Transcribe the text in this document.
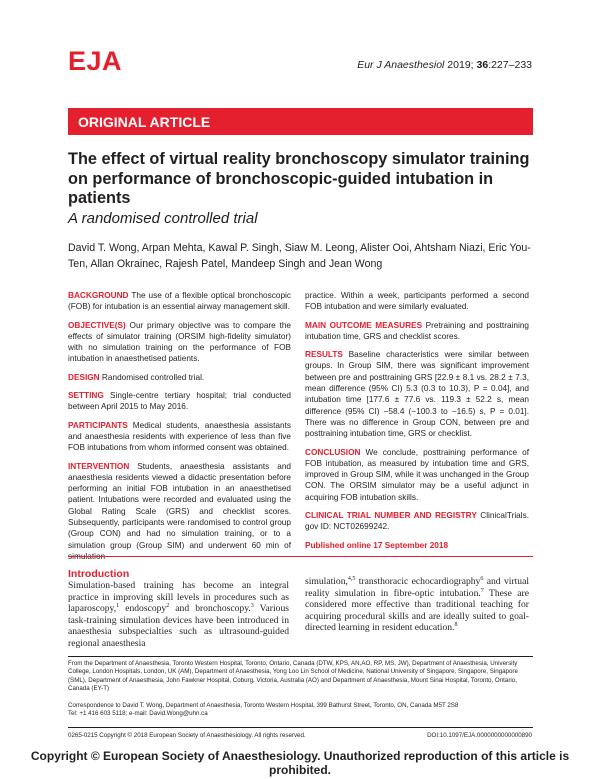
EJA	Eur J Anaesthesiol 2019; 36:227–233
ORIGINAL ARTICLE
The effect of virtual reality bronchoscopy simulator training on performance of bronchoscopic-guided intubation in patients
A randomised controlled trial
David T. Wong, Arpan Mehta, Kawal P. Singh, Siaw M. Leong, Alister Ooi, Ahtsham Niazi, Eric You-Ten, Allan Okrainec, Rajesh Patel, Mandeep Singh and Jean Wong

BACKGROUND The use of a flexible optical bronchoscopic (FOB) for intubation is an essential airway management skill.

OBJECTIVE(S) Our primary objective was to compare the effects of simulator training (ORSIM high-fidelity simulator) with no simulation training on the performance of FOB intubation in anaesthetised patients.

DESIGN Randomised controlled trial.

SETTING Single-centre tertiary hospital; trial conducted between April 2015 to May 2016.

PARTICIPANTS Medical students, anaesthesia assistants and anaesthesia residents with experience of less than five FOB intubations from whom informed consent was obtained.

INTERVENTION Students, anaesthesia assistants and anaesthesia residents viewed a didactic presentation before performing an initial FOB intubation in an anaesthetised patient. Intubations were recorded and evaluated using the Global Rating Scale (GRS) and checklist scores. Subsequently, participants were randomised to control group (Group CON) and had no simulation training, or to a simulation group (Group SIM) and underwent 60 min of

practice. Within a week, participants performed a second FOB intubation and were similarly evaluated.

MAIN OUTCOME MEASURES Pretraining and posttraining intubation time, GRS and checklist scores.

RESULTS Baseline characteristics were similar between groups. In Group SIM, there was significant improvement between pre and posttraining GRS [22.9 ± 8.1 vs. 28.2 ± 7.3, mean difference (95% CI) 5.3 (0.3 to 10.3), P = 0.04], and intubation time [177.6 ± 77.6 vs. 119.3 ± 52.2 s, mean difference (95% CI) −58.4 (−100.3 to −16.5) s, P = 0.01]. There was no difference in Group CON, between pre and posttraining intubation time, GRS or checklist.

CONCLUSION We conclude, posttraining performance of FOB intubation, as measured by intubation time and GRS, improved in Group SIM, while it was unchanged in the Group CON. The ORSIM simulator may be a useful adjunct in acquiring FOB intubation skills.

CLINICAL TRIAL NUMBER AND REGISTRY ClinicalTrials. gov ID: NCT02699242.

Published online 17 September 2018

Introduction
Simulation-based training has become an integral practice in improving skill levels in procedures such as laparoscopy,$^1$ endoscopy$^2$ and bronchoscopy.$^3$ Various task-training simulation devices have been introduced in anaesthesia subspecialties such as ultrasound-guided regional anaesthesia
simulation,$^{4,5}$ transthoracic echocardiography$^6$ and virtual reality simulation in fibre-optic intubation.$^7$ These are considered more effective than traditional teaching for acquiring procedural skills and are ideally suited to goal-directed learning in resident education.$^8$
From the Department of Anaesthesia, Toronto Western Hospital, Toronto, Ontario, Canada (DTW, KPS, AN,AO, RP, MS, JW), Department of Anaesthesia, University College, London Hospitals, London, UK (AM), Department of Anaesthesia, Yong Loo Lin School of Medicine, National University of Singapore, Singapore, Singapore (SML), Department of Anaesthesia, John Fawkner Hospital, Coburg, Victoria, Australia (AO) and Department of Anaesthesia, Mount Sinai Hospital, Toronto, Ontario, Canada (EY-T)
Correspondence to David T. Wong, Department of Anaesthesia, Toronto Western Hospital, 399 Bathurst Street, Toronto, ON, Canada M5T 2S8
Tel: +1 416 603 5118; e-mail: David.Wong@uhn.ca
0265-0215 Copyright © 2018 European Society of Anaesthesiology. All rights reserved.	DOI:10.1097/EJA.0000000000000890
Copyright © European Society of Anaesthesiology. Unauthorized reproduction of this article is prohibited.
